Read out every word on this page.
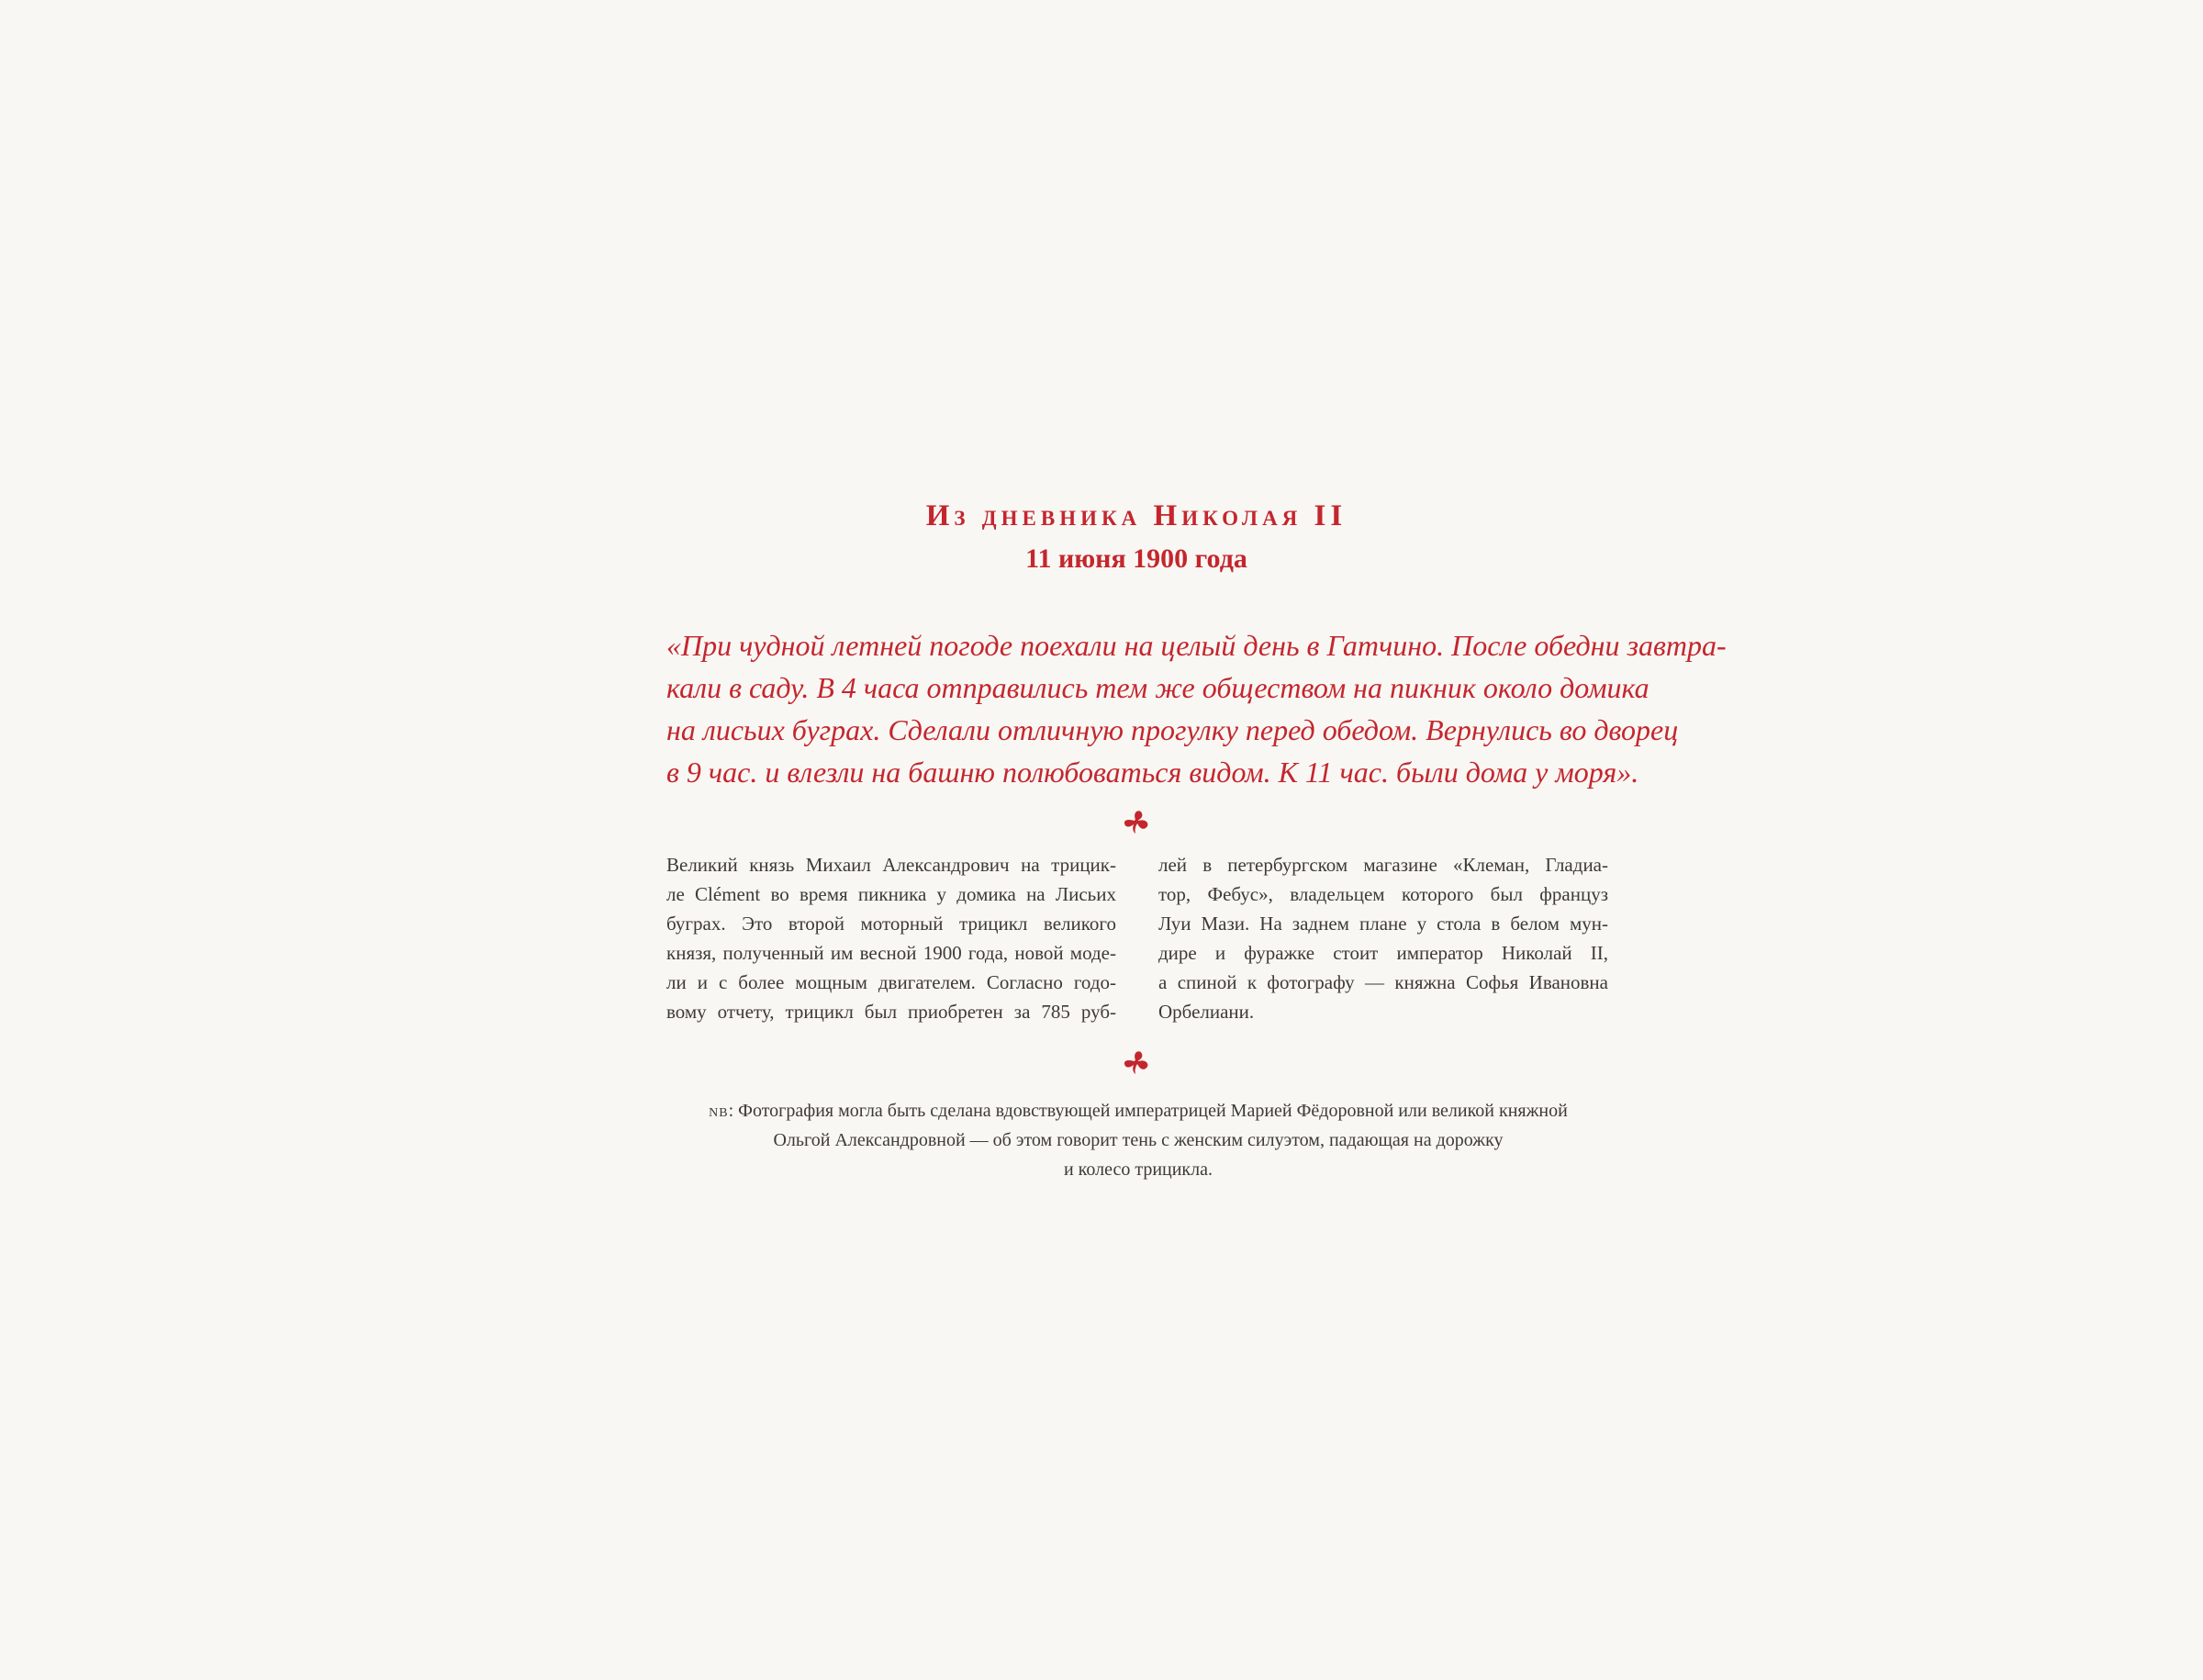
Из дневника Николая II
11 июня 1900 года
«При чудной летней погоде поехали на целый день в Гатчино. После обедни завтра-
кали в саду. В 4 часа отправились тем же обществом на пикник около домика
на лисьих буграх. Сделали отличную прогулку перед обедом. Вернулись во дворец
в 9 час. и влезли на башню полюбоваться видом. К 11 час. были дома у моря».
Великий князь Михаил Александрович на трицик-
ле Clément во время пикника у домика на Лисьих
буграх. Это второй моторный трицикл великого
князя, полученный им весной 1900 года, новой моде-
ли и с более мощным двигателем. Согласно годо-
вому отчету, трицикл был приобретен за 785 руб-
лей в петербургском магазине «Клеман, Гладиа-
тор, Фебус», владельцем которого был француз
Луи Мази. На заднем плане у стола в белом мун-
дире и фуражке стоит император Николай II,
а спиной к фотографу — княжна Софья Ивановна
Орбелиани.
nb: Фотография могла быть сделана вдовствующей императрицей Марией Фёдоровной или великой княжной
Ольгой Александровной — об этом говорит тень с женским силуэтом, падающая на дорожку
и колесо трицикла.
